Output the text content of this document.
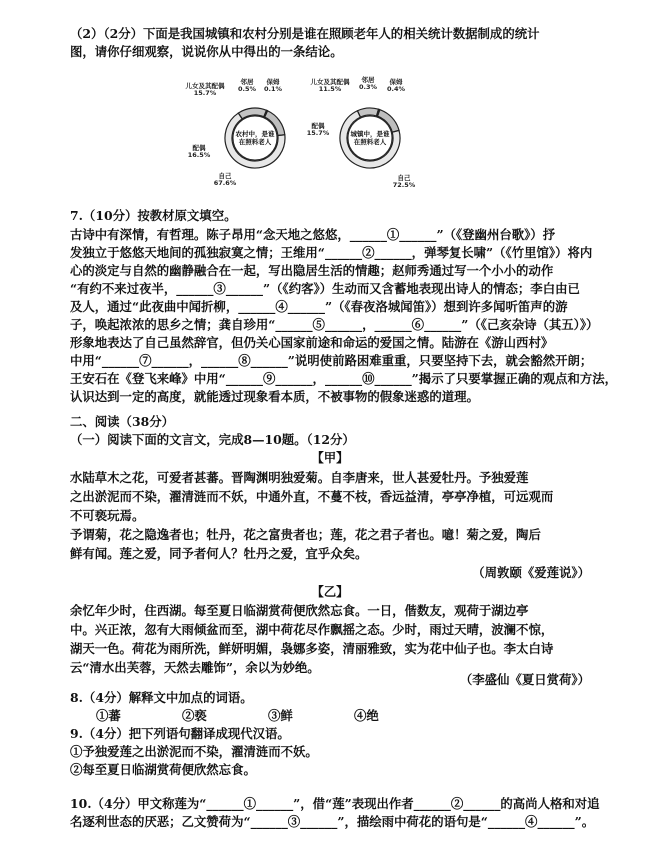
（2）（2分）下面是我国城镇和农村分别是谁在照顾老年人的相关统计数据制成的统计
图，请你仔细观察，说说你从中得出的一条结论。
儿女及其配偶
15.7%
邻居
0.5%
保姆
0.1%
配偶
16.5%
自己
67.6%
农村中，是谁
在照料老人
儿女及其配偶
11.5%
邻居
0.3%
保姆
0.4%
配偶
15.7%
自己
72.5%
城镇中，是谁
在照料老人
7.（10分）按教材原文填空。
古诗中有深情，有哲理。陈子昂用“念天地之悠悠，______①______”（《登幽州台歌》）抒
发独立于悠悠天地间的孤独寂寞之情；王维用“______②______，弹琴复长啸”（《竹里馆》）将内
心的淡定与自然的幽静融合在一起，写出隐居生活的情趣；赵师秀通过写一个小小的动作
“有约不来过夜半，______③______”（《约客》）生动而又含蓄地表现出诗人的情态；李白由已
及人，通过“此夜曲中闻折柳，______④______”（《春夜洛城闻笛》）想到许多闻听笛声的游
子，唤起浓浓的思乡之情；龚自珍用“______⑤______，______⑥______”（《己亥杂诗（其五）》）
形象地表达了自己虽然辞官，但仍关心国家前途和命运的爱国之情。陆游在《游山西村》
中用“______⑦______，______⑧______”说明使前路困难重重，只要坚持下去，就会豁然开朗；
王安石在《登飞来峰》中用“______⑨______，______⑩______”揭示了只要掌握正确的观点和方法，
认识达到一定的高度，就能透过现象看本质，不被事物的假象迷惑的道理。
二、阅读（38分）
（一）阅读下面的文言文，完成8—10题。（12分）
【甲】
水陆草木之花，可爱者甚蕃。晋陶渊明独爱菊。自李唐来，世人甚爱牡丹。予独爱莲
之出淤泥而不染，濯清涟而不妖，中通外直，不蔓不枝，香远益清，亭亭净植，可远观而
不可亵玩焉。
予谓菊，花之隐逸者也；牡丹，花之富贵者也；莲，花之君子者也。噫！菊之爱，陶后
鲜有闻。莲之爱，同予者何人？牡丹之爱，宜乎众矣。
（周敦颐《爱莲说》）
【乙】
余忆年少时，住西湖。每至夏日临湖赏荷便欣然忘食。一日，偕数友，观荷于湖边亭
中。兴正浓，忽有大雨倾盆而至，湖中荷花尽作飘摇之态。少时，雨过天晴，波澜不惊，
湖天一色。荷花为雨所洗，鲜妍明媚，袅娜多姿，清丽雅致，实为花中仙子也。李太白诗
云“清水出芙蓉，天然去雕饰”，余以为妙绝。
（李盛仙《夏日赏荷》）
8.（4分）解释文中加点的词语。
①蕃	②亵	③鲜	④绝
9.（4分）把下列语句翻译成现代汉语。
①予独爱莲之出淤泥而不染，濯清涟而不妖。
②每至夏日临湖赏荷便欣然忘食。
10.（4分）甲文称莲为“______①______”，借“莲”表现出作者______②______的高尚人格和对追
名逐利世态的厌恶；乙文赞荷为“______③______”，描绘雨中荷花的语句是“______④______”。
